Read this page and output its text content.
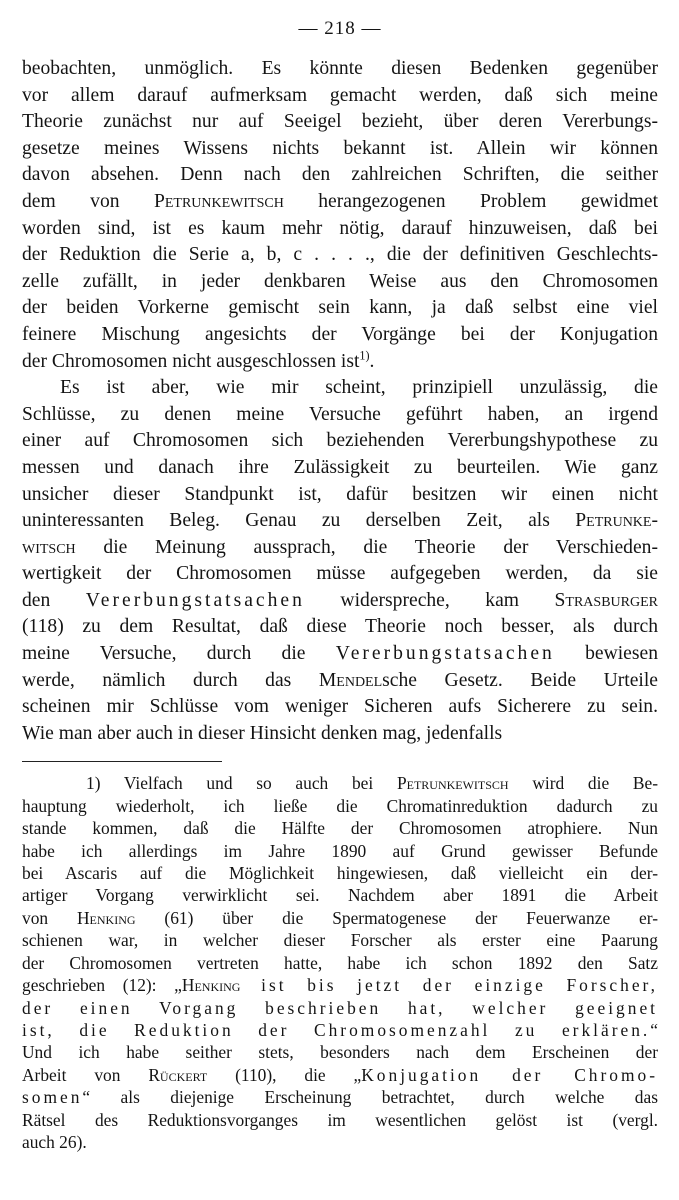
— 218 —
beobachten, unmöglich. Es könnte diesen Bedenken gegenüber
vor allem darauf aufmerksam gemacht werden, daß sich meine
Theorie zunächst nur auf Seeigel bezieht, über deren Vererbungs-
gesetze meines Wissens nichts bekannt ist. Allein wir können
davon absehen. Denn nach den zahlreichen Schriften, die seither
dem von Petrunkewitsch herangezogenen Problem gewidmet
worden sind, ist es kaum mehr nötig, darauf hinzuweisen, daß bei
der Reduktion die Serie a, b, c . . . ., die der definitiven Geschlechts-
zelle zufällt, in jeder denkbaren Weise aus den Chromosomen
der beiden Vorkerne gemischt sein kann, ja daß selbst eine viel
feinere Mischung angesichts der Vorgänge bei der Konjugation
der Chromosomen nicht ausgeschlossen ist$^{1)}$.
Es ist aber, wie mir scheint, prinzipiell unzulässig, die
Schlüsse, zu denen meine Versuche geführt haben, an irgend
einer auf Chromosomen sich beziehenden Vererbungshypothese zu
messen und danach ihre Zulässigkeit zu beurteilen. Wie ganz
unsicher dieser Standpunkt ist, dafür besitzen wir einen nicht
uninteressanten Beleg. Genau zu derselben Zeit, als Petrunke-
witsch die Meinung aussprach, die Theorie der Verschieden-
wertigkeit der Chromosomen müsse aufgegeben werden, da sie
den Vererbungstatsachen widerspreche, kam Strasburger
(118) zu dem Resultat, daß diese Theorie noch besser, als durch
meine Versuche, durch die Vererbungstatsachen bewiesen
werde, nämlich durch das Mendelsche Gesetz. Beide Urteile
scheinen mir Schlüsse vom weniger Sicheren aufs Sicherere zu sein.
Wie man aber auch in dieser Hinsicht denken mag, jedenfalls
1) Vielfach und so auch bei Petrunkewitsch wird die Be-
hauptung wiederholt, ich ließe die Chromatinreduktion dadurch zu
stande kommen, daß die Hälfte der Chromosomen atrophiere. Nun
habe ich allerdings im Jahre 1890 auf Grund gewisser Befunde
bei Ascaris auf die Möglichkeit hingewiesen, daß vielleicht ein der-
artiger Vorgang verwirklicht sei. Nachdem aber 1891 die Arbeit
von Henking (61) über die Spermatogenese der Feuerwanze er-
schienen war, in welcher dieser Forscher als erster eine Paarung
der Chromosomen vertreten hatte, habe ich schon 1892 den Satz
geschrieben (12): „Henking ist bis jetzt der einzige Forscher,
der einen Vorgang beschrieben hat, welcher geeignet
ist, die Reduktion der Chromosomenzahl zu erklären.“
Und ich habe seither stets, besonders nach dem Erscheinen der
Arbeit von Rückert (110), die „Konjugation der Chromo-
somen“ als diejenige Erscheinung betrachtet, durch welche das
Rätsel des Reduktionsvorganges im wesentlichen gelöst ist (vergl.
auch 26).
